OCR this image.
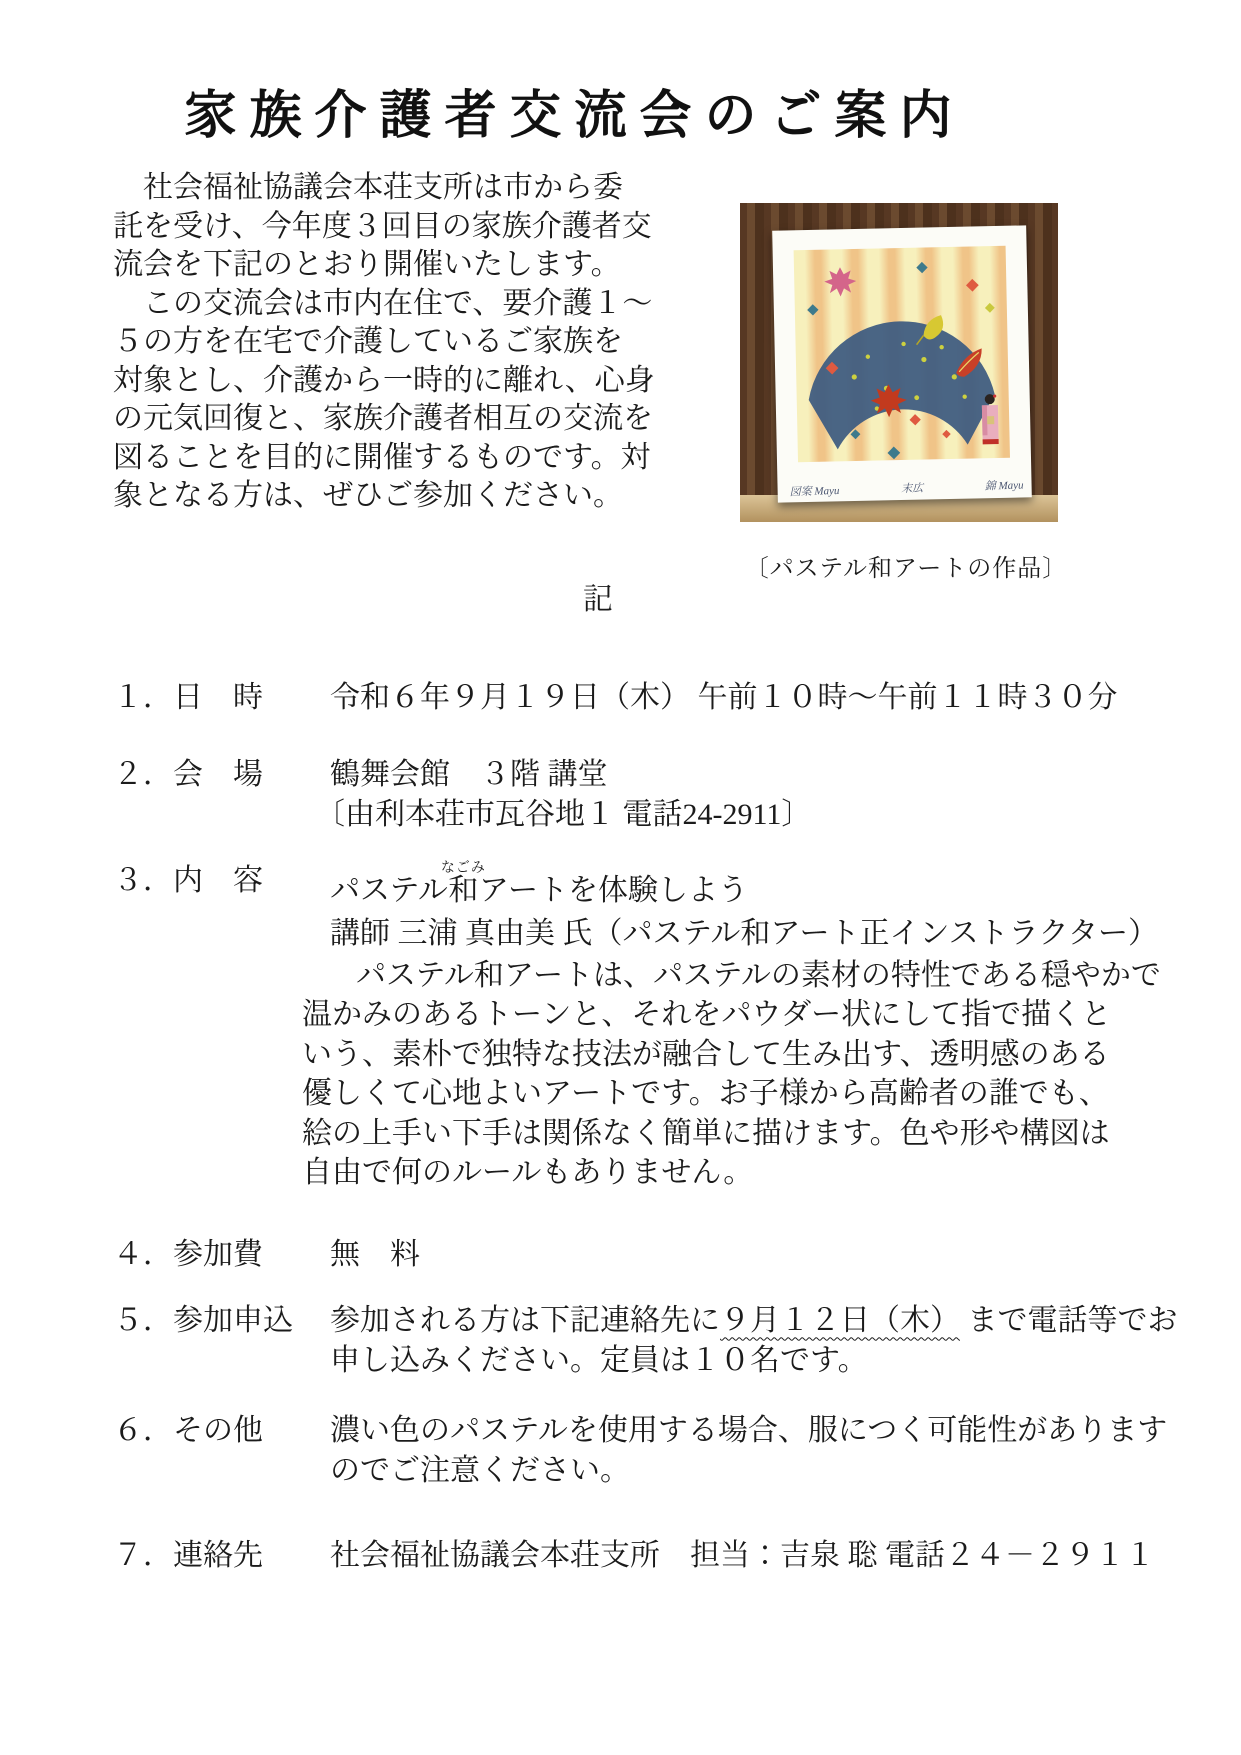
家族介護者交流会のご案内
　社会福祉協議会本荘支所は市から委
託を受け、今年度３回目の家族介護者交
流会を下記のとおり開催いたします。
　この交流会は市内在住で、要介護１～
５の方を在宅で介護しているご家族を
対象とし、介護から一時的に離れ、心身
の元気回復と、家族介護者相互の交流を
図ることを目的に開催するものです。対
象となる方は、ぜひご参加ください。
記
１．日　時	令和６年９月１９日（木） 午前１０時～午前１１時３０分
２．会　場	鶴舞会館　３階 講堂
〔由利本荘市瓦谷地１ 電話24-2911〕
３．内　容	パステル和なごみアートを体験しよう
講師 三浦 真由美 氏（パステル和アート正インストラクター）
パステル和アートは、パステルの素材の特性である穏やかで
温かみのあるトーンと、それをパウダー状にして指で描くと
いう、素朴で独特な技法が融合して生み出す、透明感のある
優しくて心地よいアートです。お子様から高齢者の誰でも、
絵の上手い下手は関係なく簡単に描けます。色や形や構図は
自由で何のルールもありません。
４．参加費	無　料
５．参加申込	参加される方は下記連絡先に９月１２日（木） まで電話等でお
申し込みください。定員は１０名です。
６．その他	濃い色のパステルを使用する場合、服につく可能性があります
のでご注意ください。
７．連絡先	社会福祉協議会本荘支所　担当：吉泉 聡 電話２４－２９１１
図案 Mayu	末広	錦 Mayu
〔パステル和アートの作品〕
